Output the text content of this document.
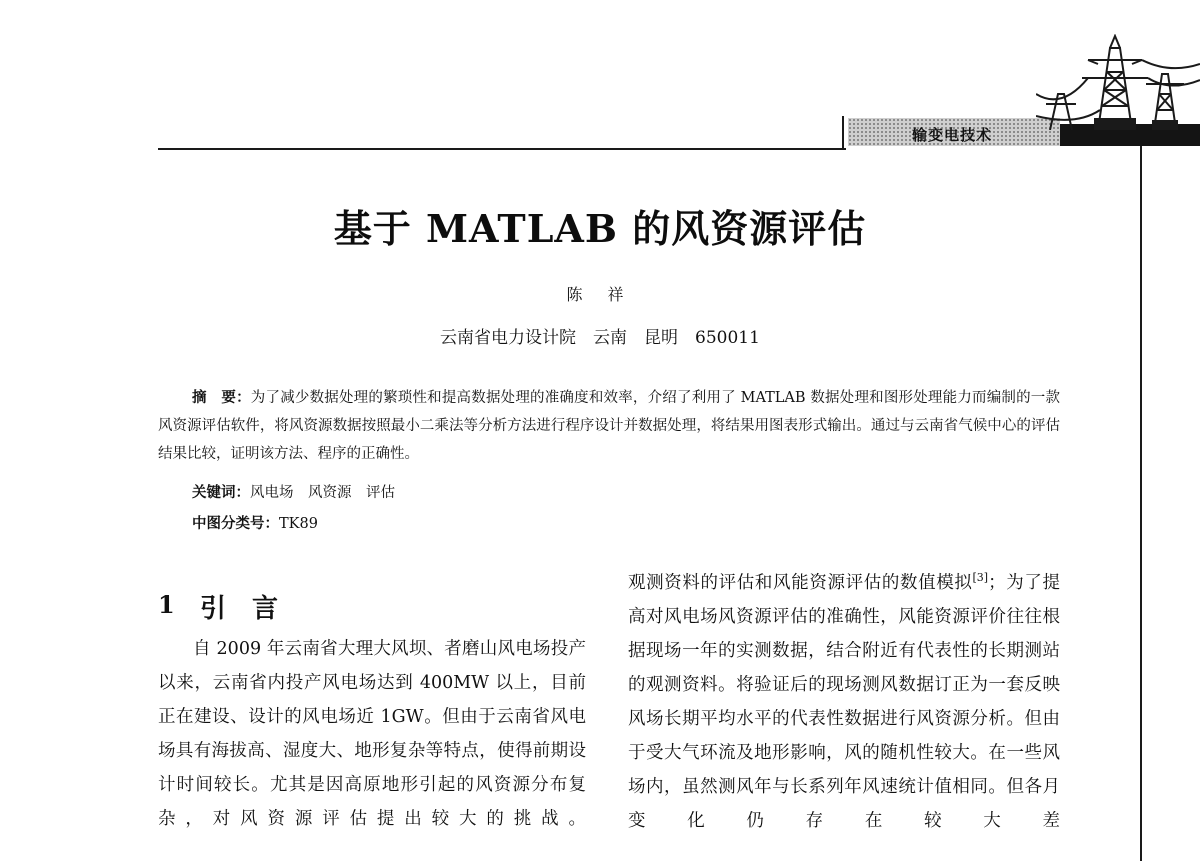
输变电技术
基于 MATLAB 的风资源评估
陈 祥
云南省电力设计院　云南　昆明　650011
摘　要：为了减少数据处理的繁琐性和提高数据处理的准确度和效率，介绍了利用了 MATLAB 数据处理和图形处理能力而编制的一款风资源评估软件，将风资源数据按照最小二乘法等分析方法进行程序设计并数据处理，将结果用图表形式输出。通过与云南省气候中心的评估结果比较，证明该方法、程序的正确性。
关键词：风电场　风资源　评估
中图分类号：TK89
1 引言
自 2009 年云南省大理大风坝、者磨山风电场投产以来，云南省内投产风电场达到 400MW 以上，目前正在建设、设计的风电场近 1GW。但由于云南省风电场具有海拔高、湿度大、地形复杂等特点，使得前期设计时间较长。尤其是因高原地形引起的风资源分布复杂，对风资源评估提出较大的挑战。
观测资料的评估和风能资源评估的数值模拟[3]；为了提高对风电场风资源评估的准确性，风能资源评价往往根据现场一年的实测数据，结合附近有代表性的长期测站的观测资料。将验证后的现场测风数据订正为一套反映风场长期平均水平的代表性数据进行风资源分析。但由于受大气环流及地形影响，风的随机性较大。在一些风场内，虽然测风年与长系列年风速统计值相同。但各月变化仍存在较大差
